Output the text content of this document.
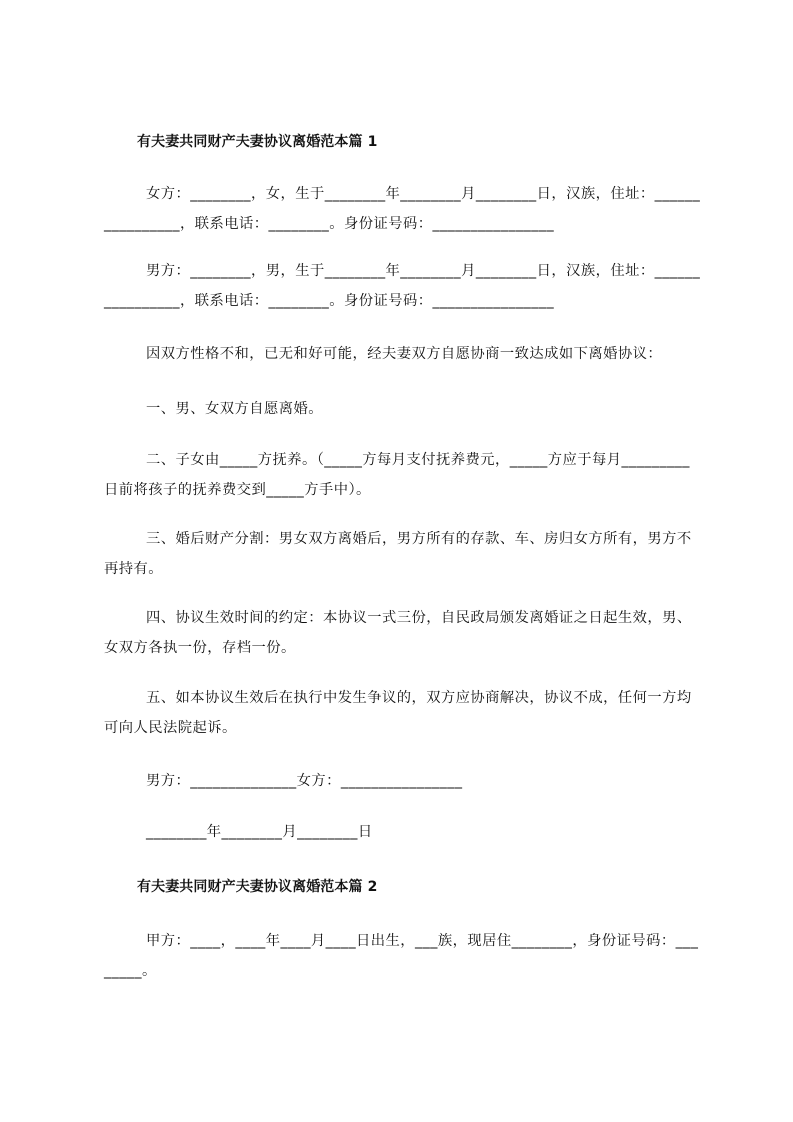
有夫妻共同财产夫妻协议离婚范本篇 1
女方：________，女，生于________年________月________日，汉族，住址：________________，联系电话：________。身份证号码：________________
男方：________，男，生于________年________月________日，汉族，住址：________________，联系电话：________。身份证号码：________________
因双方性格不和，已无和好可能，经夫妻双方自愿协商一致达成如下离婚协议：
一、男、女双方自愿离婚。
二、子女由_____方抚养。（_____方每月支付抚养费元，_____方应于每月_________日前将孩子的抚养费交到_____方手中）。
三、婚后财产分割：男女双方离婚后，男方所有的存款、车、房归女方所有，男方不再持有。
四、协议生效时间的约定：本协议一式三份，自民政局颁发离婚证之日起生效，男、女双方各执一份，存档一份。
五、如本协议生效后在执行中发生争议的，双方应协商解决，协议不成，任何一方均可向人民法院起诉。
男方：______________女方：________________
________年________月________日
有夫妻共同财产夫妻协议离婚范本篇 2
甲方：____，____年____月____日出生，___族，现居住________，身份证号码：________。
